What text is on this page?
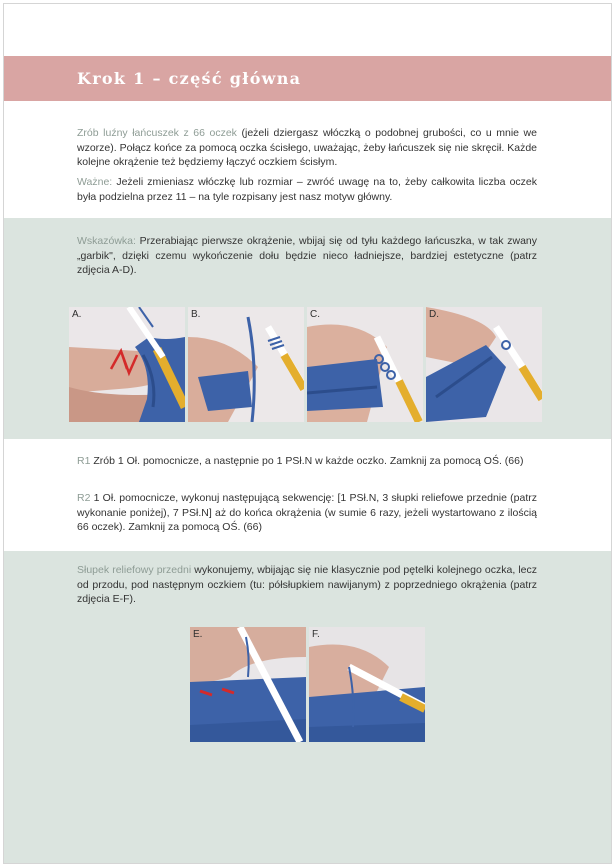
Krok 1 – część główna

Zrób luźny łańcuszek z 66 oczek (jeżeli dziergasz włóczką o podobnej grubości, co u mnie we wzorze). Połącz końce za pomocą oczka ścisłego, uważając, żeby łańcuszek się nie skręcił. Każde kolejne okrążenie też będziemy łączyć oczkiem ścisłym.

Ważne: Jeżeli zmieniasz włóczkę lub rozmiar – zwróć uwagę na to, żeby całkowita liczba oczek była podzielna przez 11 – na tyle rozpisany jest nasz motyw główny.

Wskazówka: Przerabiając pierwsze okrążenie, wbijaj się od tyłu każdego łańcuszka, w tak zwany „garbik", dzięki czemu wykończenie dołu będzie nieco ładniejsze, bardziej estetyczne (patrz zdjęcia A-D).

A.	B.	C.	D.

R1 Zrób 1 Oł. pomocnicze, a następnie po 1 PSł.N w każde oczko. Zamknij za pomocą OŚ. (66)

R2 1 Oł. pomocnicze, wykonuj następującą sekwencję: [1 PSł.N, 3 słupki reliefowe przednie (patrz wykonanie poniżej), 7 PSł.N] aż do końca okrążenia (w sumie 6 razy, jeżeli wystartowano z ilością 66 oczek). Zamknij za pomocą OŚ. (66)

Słupek reliefowy przedni wykonujemy, wbijając się nie klasycznie pod pętelki kolejnego oczka, lecz od przodu, pod następnym oczkiem (tu: półsłupkiem nawijanym) z poprzedniego okrążenia (patrz zdjęcia E-F).

E.	F.
